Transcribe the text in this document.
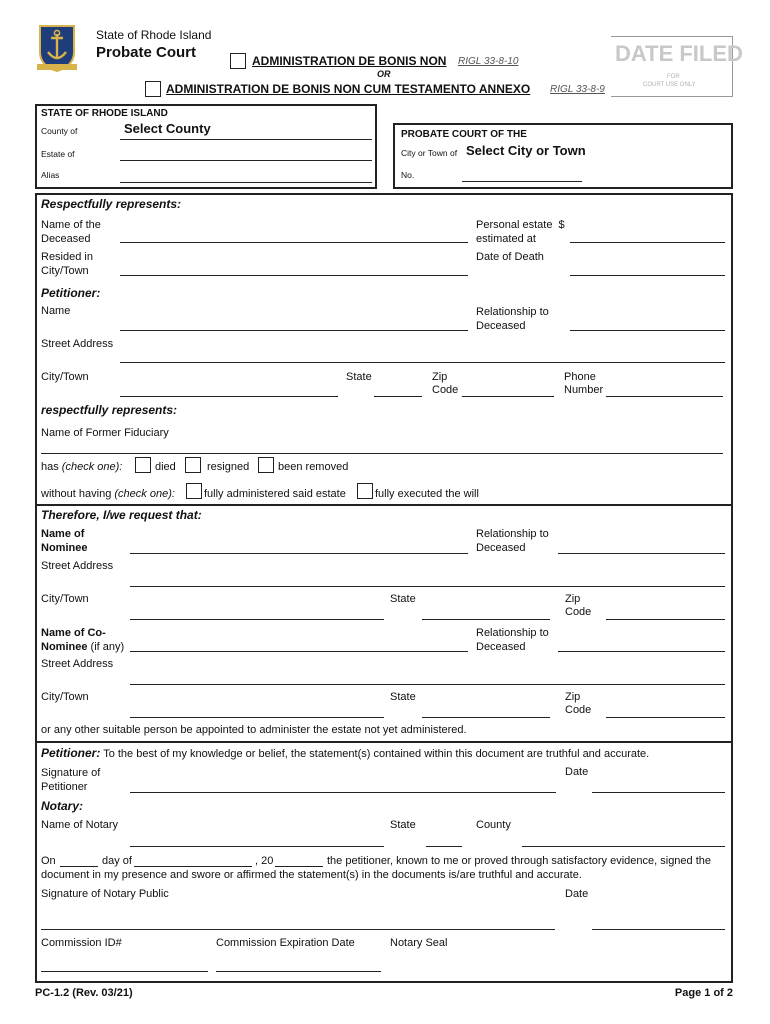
State of Rhode Island
Probate Court	ADMINISTRATION DE BONIS NON RIGL 33-8-10
OR
ADMINISTRATION DE BONIS NON CUM TESTAMENTO ANNEXO RIGL 33-8-9
DATE FILED
FOR
COURT USE ONLY
STATE OF RHODE ISLAND
County of	Select County
Estate of
Alias
PROBATE COURT OF THE
City or Town of Select City or Town
No.
Respectfully represents:
Name of the
Deceased
Personal estate  $
estimated at
Resided in
City/Town
Date of Death
Petitioner:
Name	Relationship to
Deceased
Street Address
City/Town	State	Zip
Code
Phone
Number
respectfully represents:
Name of Former Fiduciary
has (check one):	died	resigned	been removed
without having (check one):	fully administered said estate	fully executed the will
Therefore, I/we request that:
Name of
Nominee
Relationship to
Deceased
Street Address
City/Town	State	Zip
Code
Name of Co-
Nominee (if any)
Relationship to
Deceased
Street Address
City/Town	State	Zip
Code
or any other suitable person be appointed to administer the estate not yet administered.
Petitioner: To the best of my knowledge or belief, the statement(s) contained within this document are truthful and accurate.
Signature of
Petitioner
Date
Notary:
Name of Notary	State	County
On	day of	, 20	the petitioner, known to me or proved through satisfactory evidence, signed the
document in my presence and swore or affirmed the statement(s) in the documents is/are truthful and accurate.
Signature of Notary Public	Date
Commission ID#	Commission Expiration Date	Notary Seal
PC-1.2 (Rev. 03/21)	Page 1 of 2
